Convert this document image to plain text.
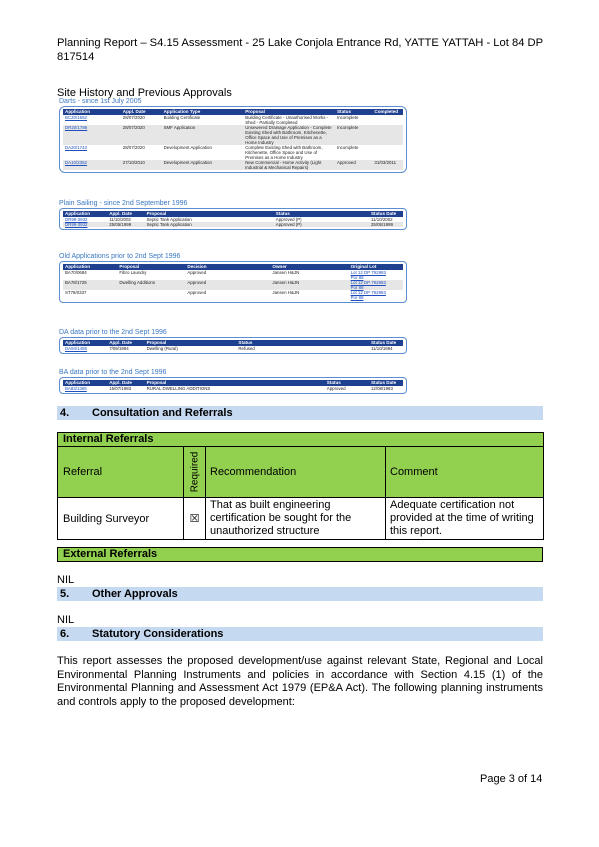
Planning Report – S4.15 Assessment - 25 Lake Conjola Entrance Rd, YATTE YATTAH - Lot 84 DP
817514
Site History and Previous Approvals
Darts - since 1st July 2005
Application	Appl. Date	Application Type	Proposal	Status	Completed
BC20/1652	28/07/2020	Building Certificate	Building Certificate - Unauthorised Works - Shed - Partially Completed	Incomplete	
DR20/1786	28/07/2020	SMF Application	Unsewered Drainage Application - Complete Existing Shed with Bathroom, Kitchenette, Office Space and Use of Premises as a Home Industry	Incomplete	
DA20/1743	28/07/2020	Development Application	Complete Existing Shed with Bathroom, Kitchenette, Office Space and Use of Premises as a Home Industry	Incomplete	
DA10/2352	27/10/2010	Development Application	New Commercial - Home Activity (Light Industrial & Mechanical Repairs)	Approved	31/03/2011
Plain Sailing - since 2nd September 1996
Application	Appl. Date	Proposal	Status	Status Date
DR99-3932	11/10/2002	Septic Tank Application	Approved (P)	11/10/2002
DR99-3932	25/05/1999	Septic Tank Application	Approved (P)	25/05/1999
Old Applications prior to 2nd Sept 1996
Application	Proposal	Decision	Owner	Original Lot
BA70/0684	Fibro Laundry	Approved	Jansen H&JN	Lot 12 DP 792993
Por 88

BA78/1725	Dwelling Additions	Approved	Jansen H&JN	Lot 12 DP 792993
Por 88

ST78/0337		Approved	Jansen H&JN	Lot 12 DP 792993
Por 88
DA data prior to the 2nd Sept 1996
Application	Appl. Date	Proposal	Status	Status Date
DA94/1455	7/09/1994	Dwelling (Rural)	Refused	11/10/1994
BA data prior to the 2nd Sept 1996
Application	Appl. Date	Proposal	Status	Status Date
BA83/1365	15/07/1983	RURAL DWELLING ADDITIONS	Approved	12/08/1983
4. Consultation and Referrals
Internal Referrals			
Referral	Required	Recommendation	Comment
Building Surveyor	☒	That as built engineering certification be sought for the unauthorized structure	Adequate certification not provided at the time of writing this report.
External Referrals
NIL
5. Other Approvals
NIL
6. Statutory Considerations
This report assesses the proposed development/use against relevant State, Regional and Local Environmental Planning Instruments and policies in accordance with Section 4.15 (1) of the Environmental Planning and Assessment Act 1979 (EP&A Act). The following planning instruments and controls apply to the proposed development:
Page 3 of 14
